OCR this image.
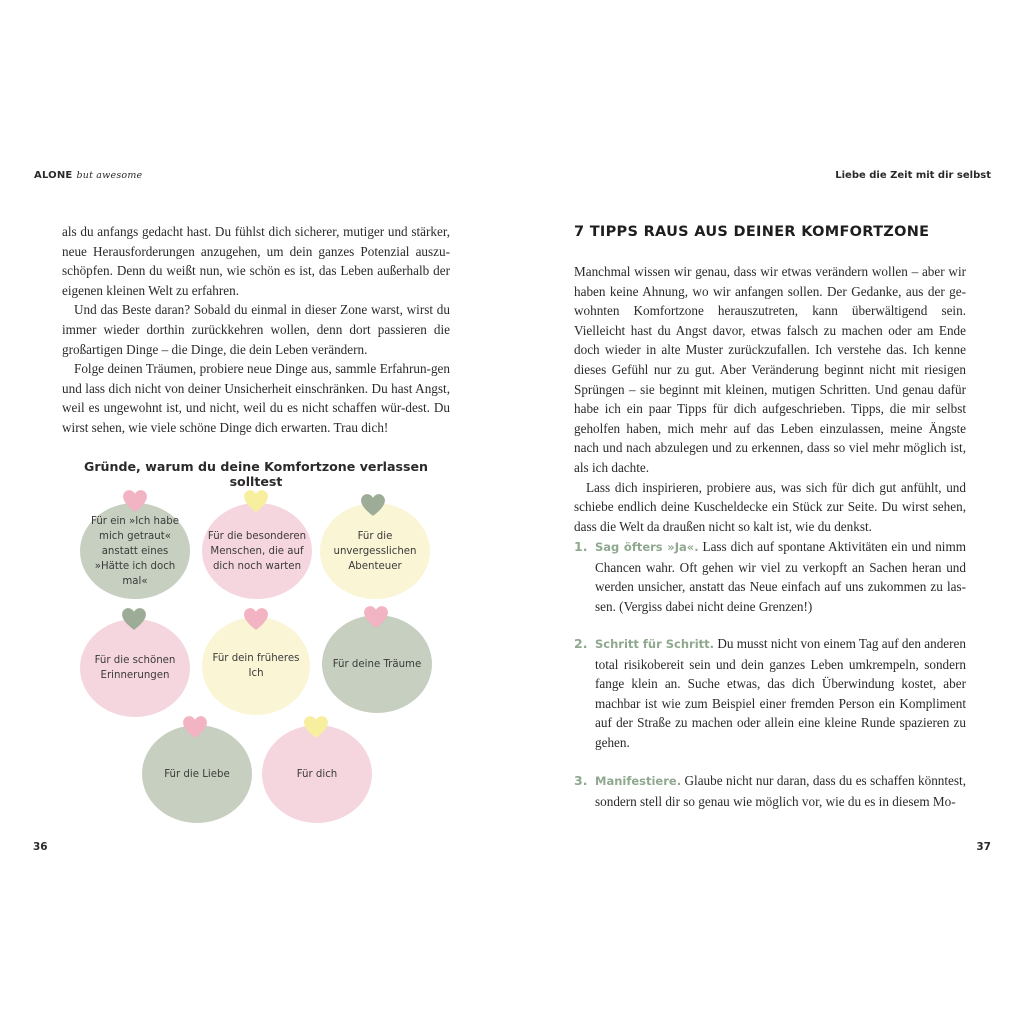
ALONE but awesome	Liebe die Zeit mit dir selbst

als du anfangs gedacht hast. Du fühlst dich sicherer, mutiger und stärker, neue Herausforderungen anzugehen, um dein ganzes Potenzial auszu-schöpfen. Denn du weißt nun, wie schön es ist, das Leben außerhalb der eigenen kleinen Welt zu erfahren.

Und das Beste daran? Sobald du einmal in dieser Zone warst, wirst du immer wieder dorthin zurückkehren wollen, denn dort passieren die großartigen Dinge – die Dinge, die dein Leben verändern.

Folge deinen Träumen, probiere neue Dinge aus, sammle Erfahrun-gen und lass dich nicht von deiner Unsicherheit einschränken. Du hast Angst, weil es ungewohnt ist, und nicht, weil du es nicht schaffen wür-dest. Du wirst sehen, wie viele schöne Dinge dich erwarten. Trau dich!

Gründe, warum du deine Komfortzone verlassen solltest
Für ein »Ich habe mich getraut« anstatt eines »Hätte ich doch mal«
Für die besonderen Menschen, die auf dich noch warten
Für die unvergesslichen Abenteuer
Für die schönen Erinnerungen
Für dein früheres Ich
Für deine Träume
Für die Liebe	Für dich
7 TIPPS RAUS AUS DEINER KOMFORTZONE

Manchmal wissen wir genau, dass wir etwas verändern wollen – aber wir haben keine Ahnung, wo wir anfangen sollen. Der Gedanke, aus der ge-wohnten Komfortzone herauszutreten, kann überwältigend sein. Vielleicht hast du Angst davor, etwas falsch zu machen oder am Ende doch wieder in alte Muster zurückzufallen. Ich verstehe das. Ich kenne dieses Gefühl nur zu gut. Aber Veränderung beginnt nicht mit riesigen Sprüngen – sie beginnt mit kleinen, mutigen Schritten. Und genau dafür habe ich ein paar Tipps für dich aufgeschrieben. Tipps, die mir selbst geholfen haben, mich mehr auf das Leben einzulassen, meine Ängste nach und nach abzulegen und zu erkennen, dass so viel mehr möglich ist, als ich dachte.

Lass dich inspirieren, probiere aus, was sich für dich gut anfühlt, und schiebe endlich deine Kuscheldecke ein Stück zur Seite. Du wirst sehen, dass die Welt da draußen nicht so kalt ist, wie du denkst.

1. Sag öfters »Ja«. Lass dich auf spontane Aktivitäten ein und nimm Chancen wahr. Oft gehen wir viel zu verkopft an Sachen heran und werden unsicher, anstatt das Neue einfach auf uns zukommen zu las-sen. (Vergiss dabei nicht deine Grenzen!)
2. Schritt für Schritt. Du musst nicht von einem Tag auf den anderen total risikobereit sein und dein ganzes Leben umkrempeln, sondern fange klein an. Suche etwas, das dich Überwindung kostet, aber machbar ist wie zum Beispiel einer fremden Person ein Kompliment auf der Straße zu machen oder allein eine kleine Runde spazieren zu gehen.
3. Manifestiere. Glaube nicht nur daran, dass du es schaffen könntest, sondern stell dir so genau wie möglich vor, wie du es in diesem Mo-
36	37
